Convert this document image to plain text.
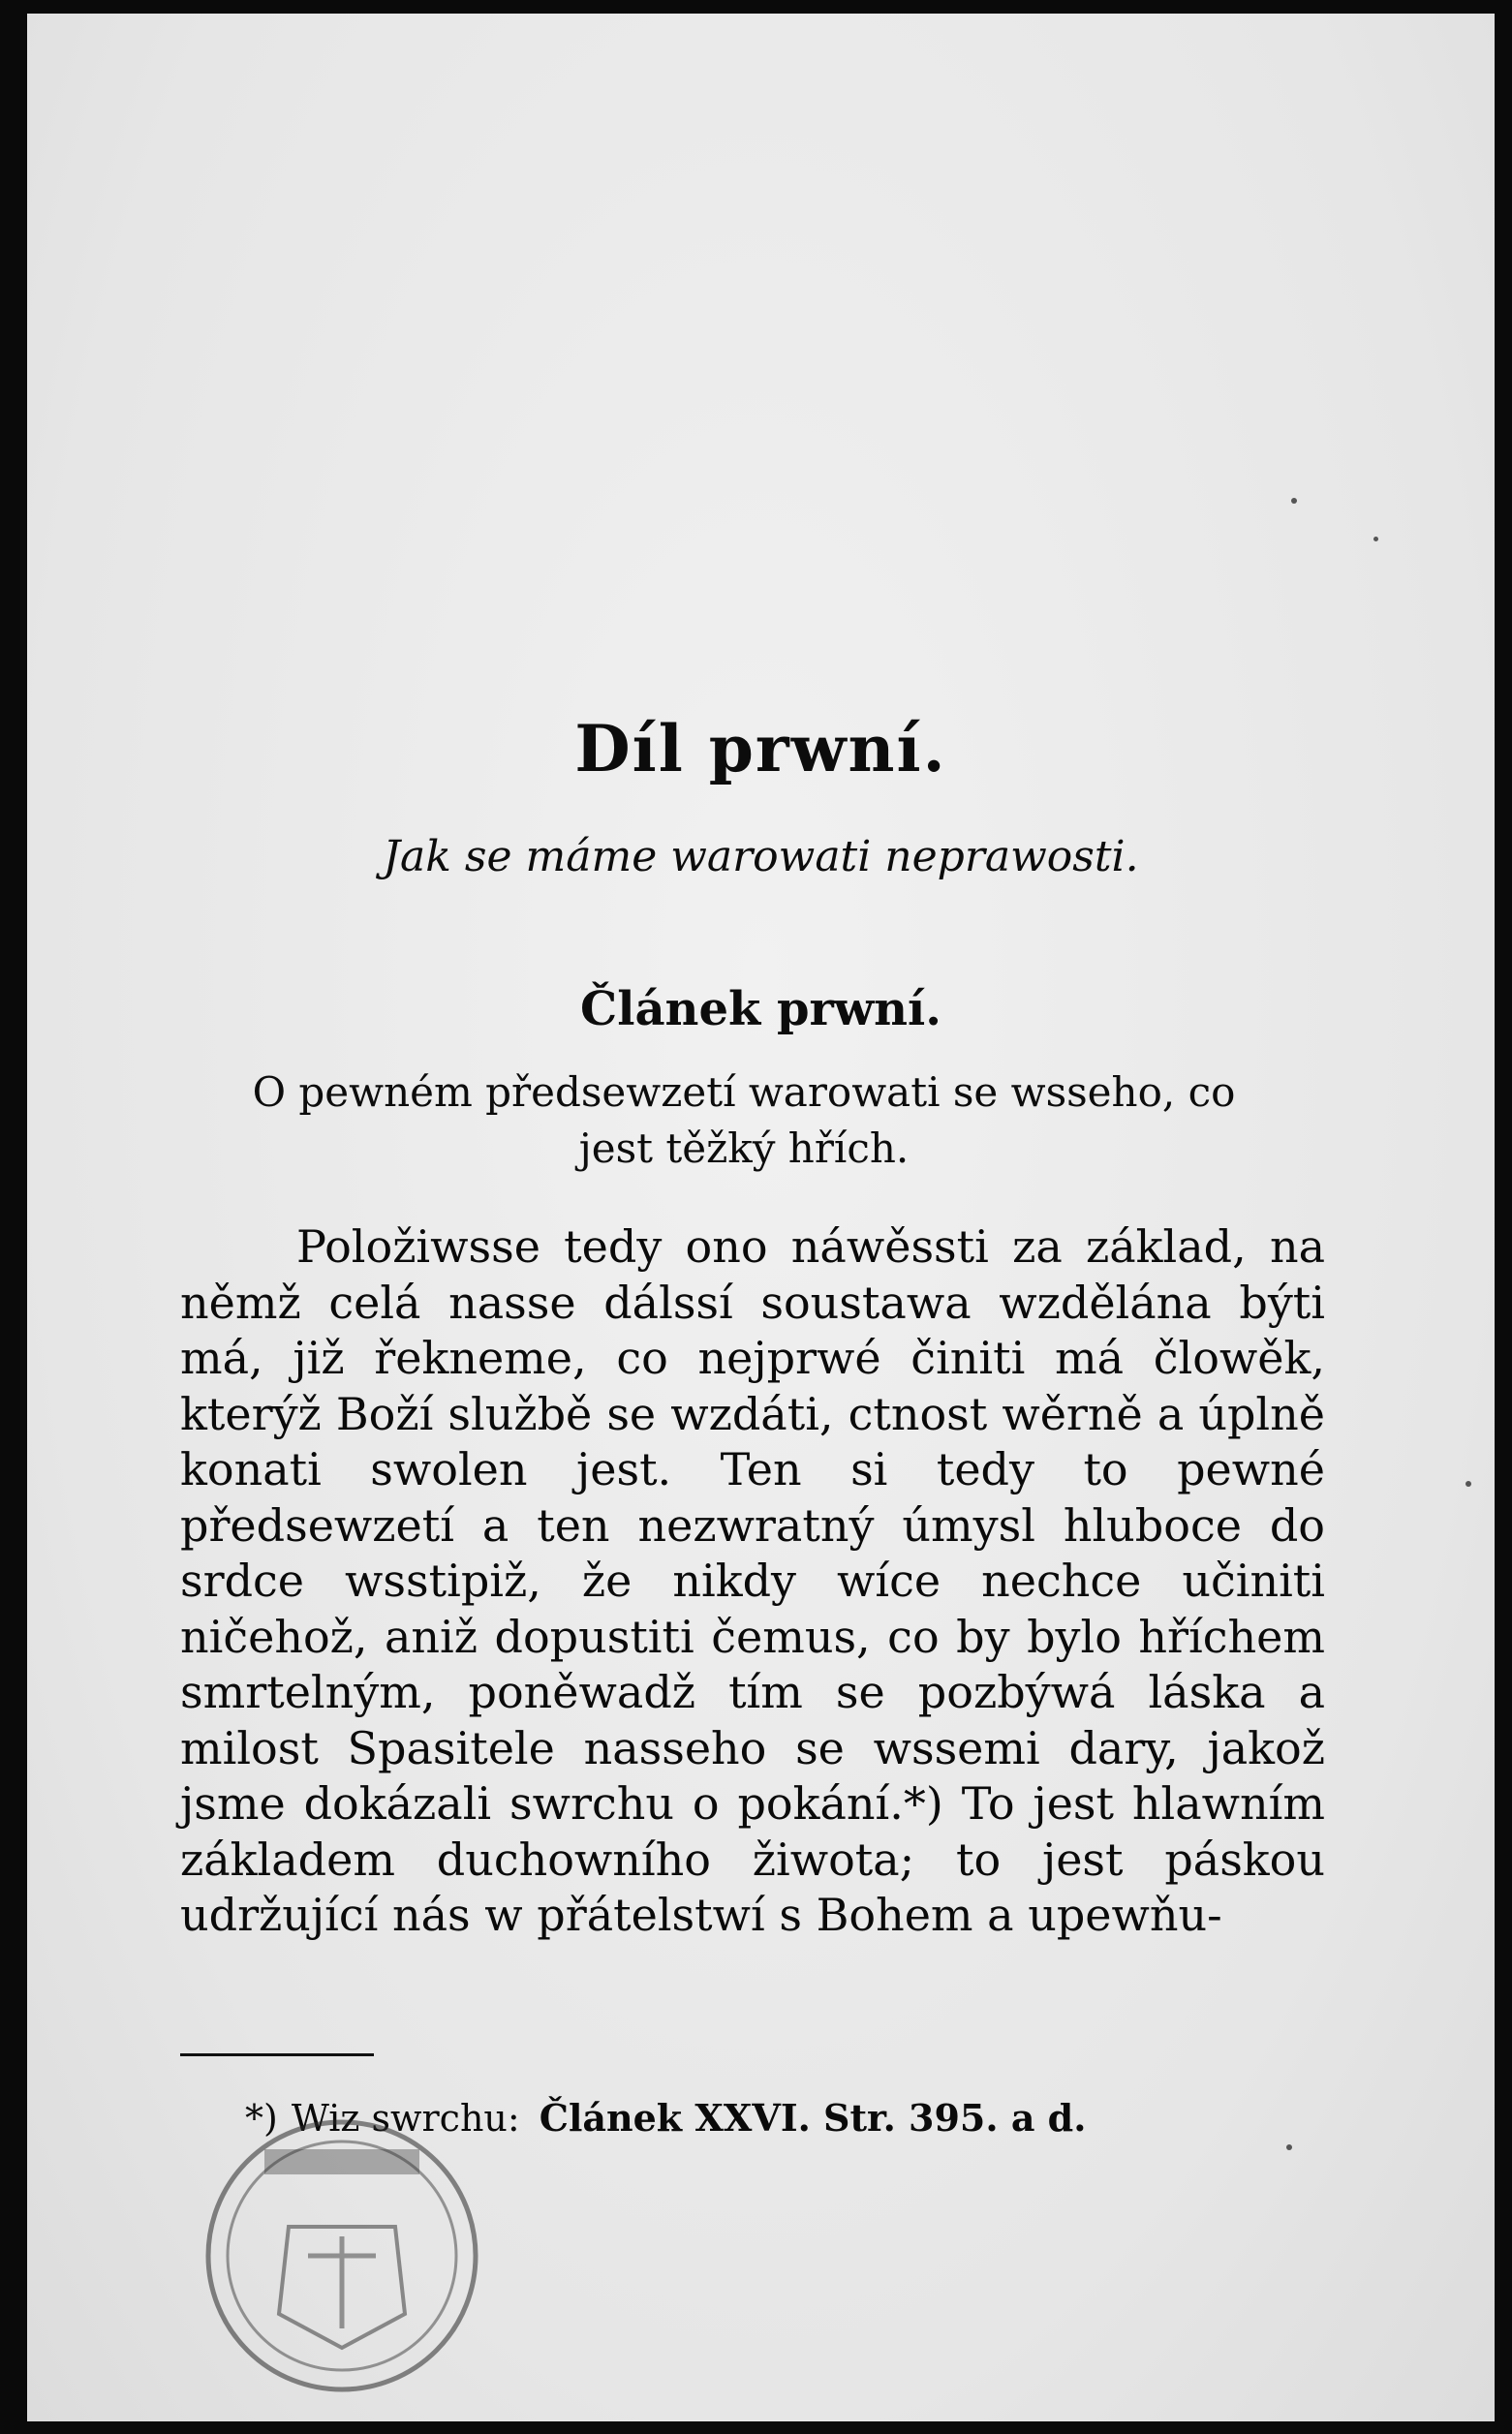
Díl prwní.
Jak se máme warowati neprawosti.
Článek prwní.
O pewném předsewzetí warowati se wsseho, co jest těžký hřích.
Položiwsse tedy ono náwěssti za základ, na němž celá nasse dálssí soustawa wzdělána býti má, již řekneme, co nejprwé činiti má člowěk, kterýž Boží službě se wzdáti, ctnost wěrně a úplně konati swolen jest. Ten si tedy to pewné předsewzetí a ten nezwratný úmysl hluboce do srdce wsstipiž, že nikdy wíce nechce učiniti ničehož, aniž dopustiti čemus, co by bylo hříchem smrtelným, poněwadž tím se pozbýwá láska a milost Spasitele nasseho se wssemi dary, jakož jsme dokázali swrchu o pokání.*) To jest hlawním základem duchowního žiwota; to jest páskou udržující nás w přátelstwí s Bohem a upewňu-
*) Wiz swrchu: Článek XXVI. Str. 395. a d.
